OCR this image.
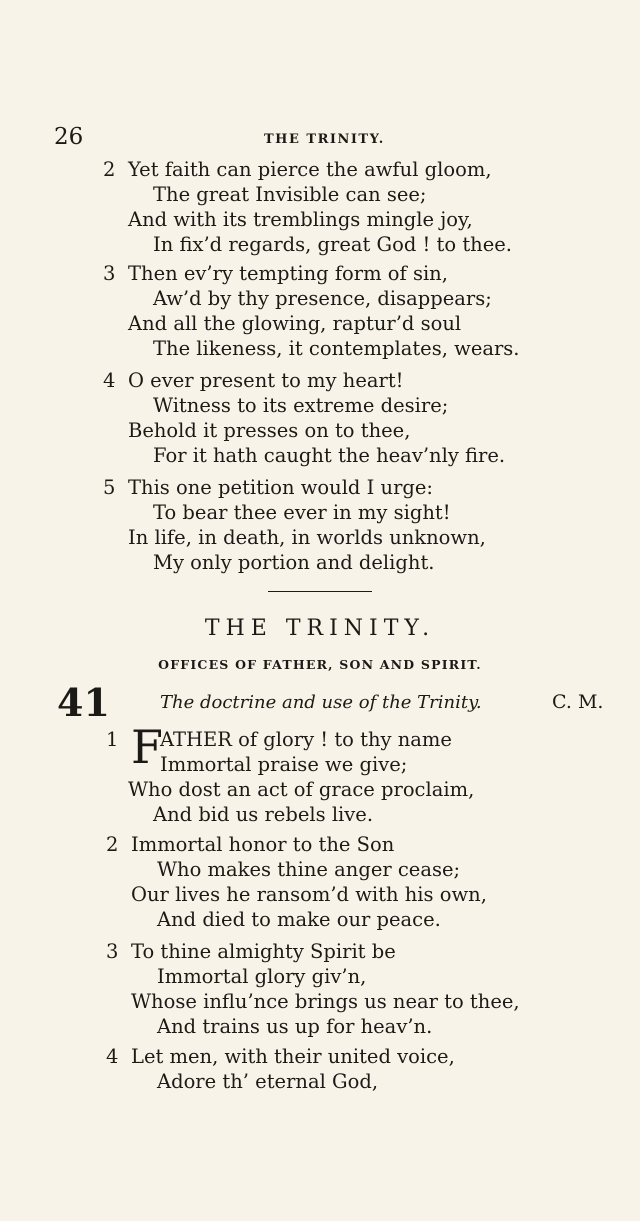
26	THE TRINITY.
2 Yet faith can pierce the awful gloom,
The great Invisible can see;
And with its tremblings mingle joy,
In fix’d regards, great God ! to thee.
3 Then ev’ry tempting form of sin,
Aw’d by thy presence, disappears;
And all the glowing, raptur’d soul
The likeness, it contemplates, wears.
4 O ever present to my heart!
Witness to its extreme desire;
Behold it presses on to thee,
For it hath caught the heav’nly fire.
5 This one petition would I urge:
To bear thee ever in my sight!
In life, in death, in worlds unknown,
My only portion and delight.
THE TRINITY.
OFFICES OF FATHER, SON AND SPIRIT.
41	The doctrine and use of the Trinity.	C. M.
1 ATHER of glory ! to thy name
Immortal praise we give;
Who dost an act of grace proclaim,
And bid us rebels live.
F
2 Immortal honor to the Son
Who makes thine anger cease;
Our lives he ransom’d with his own,
And died to make our peace.
3 To thine almighty Spirit be
Immortal glory giv’n,
Whose influ’nce brings us near to thee,
And trains us up for heav’n.
4 Let men, with their united voice,
Adore th’ eternal God,
